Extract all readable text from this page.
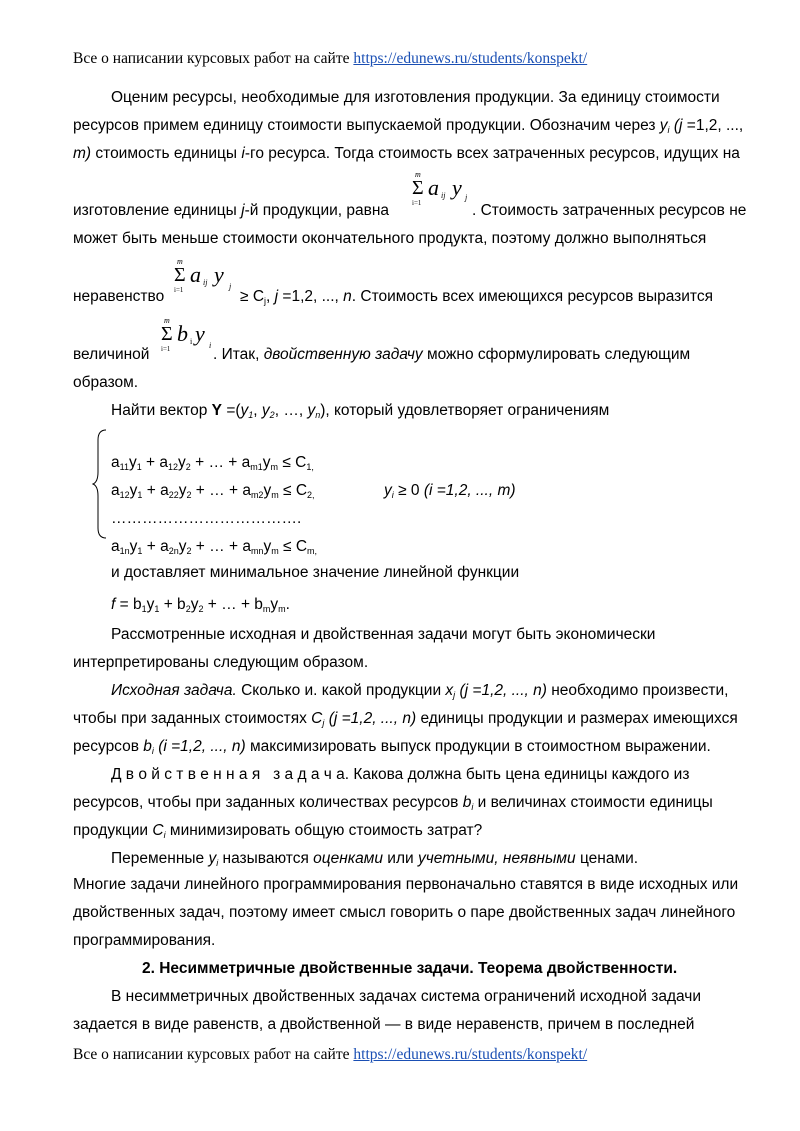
Все о написании курсовых работ на сайте https://edunews.ru/students/konspekt/
Оценим ресурсы, необходимые для изготовления продукции. За единицу стоимости
ресурсов примем единицу стоимости выпускаемой продукции. Обозначим через $y_i$ (j =1,2, ...,
m) стоимость единицы i-го ресурса. Тогда стоимость всех затраченных ресурсов, идущих на
m
Σ
i=1
a ij y j
изготовление единицы j-й продукции, равна	. Стоимость затраченных ресурсов не
может быть меньше стоимости окончательного продукта, поэтому должно выполняться
m
Σ
i=1
a ij y j
неравенство	≥ $C_j$, j =1,2, ..., n. Стоимость всех имеющихся ресурсов выразится
m
Σ
i=1
b i y i
величиной	. Итак, двойственную задачу можно сформулировать следующим
образом.
Найти вектор $Y =(y_1$, $y_2$, …, $y_n$), который удовлетворяет ограничениям
$a_{11}y_1 + a_{12}y_2$ + … + $a_{m1}y_m \le C_{1,}$
$a_{12}y_1 + a_{22}y_2$ + … + $a_{m2}y_m \le C_{2,}$	$y_i \ge 0$ (i =1,2, ..., m)
……………………………….
$a_{1n}y_1 + a_{2n}y_2$ + … + $a_{mn}y_m \le C_{m,}$
и доставляет минимальное значение линейной функции
$f = b_1y_1 + b_2y_2$ + … + $b_my_m$.
Рассмотренные исходная и двойственная задачи могут быть экономически
интерпретированы следующим образом.
Исходная задача. Сколько и. какой продукции $x_j$ (j =1,2, ..., n) необходимо произвести,
чтобы при заданных стоимостях $C_j$ (j =1,2, ..., n) единицы продукции и размерах имеющихся
ресурсов $b_i$ (i =1,2, ..., n) максимизировать выпуск продукции в стоимостном выражении.
Д в о й с т в е н н а я   з а д а ч а. Какова должна быть цена единицы каждого из
ресурсов, чтобы при заданных количествах ресурсов $b_i$ и величинах стоимости единицы
продукции $C_i$ минимизировать общую стоимость затрат?
Переменные $y_i$ называются оценками или учетными, неявными ценами.
Многие задачи линейного программирования первоначально ставятся в виде исходных или
двойственных задач, поэтому имеет смысл говорить о паре двойственных задач линейного
программирования.
2. Несимметричные двойственные задачи. Теорема двойственности.
В несимметричных двойственных задачах система ограничений исходной задачи
задается в виде равенств, а двойственной — в виде неравенств, причем в последней
Все о написании курсовых работ на сайте https://edunews.ru/students/konspekt/
